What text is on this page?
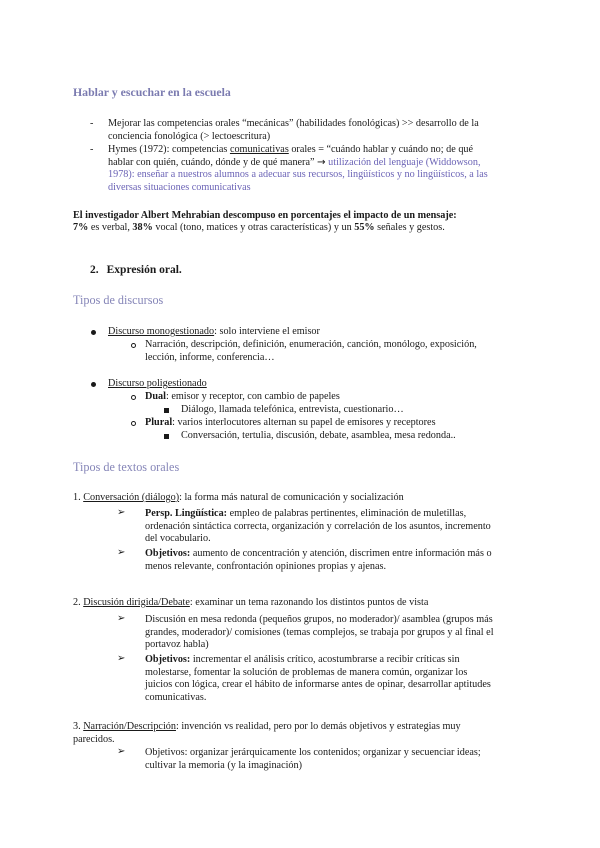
Hablar y escuchar en la escuela
- Mejorar las competencias orales “mecánicas” (habilidades fonológicas) >> desarrollo de la
conciencia fonológica (> lectoescritura)
- Hymes (1972): competencias comunicativas orales = “cuándo hablar y cuándo no; de qué
hablar con quién, cuándo, dónde y de qué manera” → utilización del lenguaje (Widdowson,
1978): enseñar a nuestros alumnos a adecuar sus recursos, lingüísticos y no lingüísticos, a las
diversas situaciones comunicativas
El investigador Albert Mehrabian descompuso en porcentajes el impacto de un mensaje:
7% es verbal, 38% vocal (tono, matices y otras características) y un 55% señales y gestos.
2. Expresión oral.
Tipos de discursos
Discurso monogestionado: solo interviene el emisor
Narración, descripción, definición, enumeración, canción, monólogo, exposición,
lección, informe, conferencia…
Discurso poligestionado
Dual: emisor y receptor, con cambio de papeles
Diálogo, llamada telefónica, entrevista, cuestionario…
Plural: varios interlocutores alternan su papel de emisores y receptores
Conversación, tertulia, discusión, debate, asamblea, mesa redonda..
Tipos de textos orales
1. Conversación (diálogo): la forma más natural de comunicación y socialización
➢ Persp. Lingüística: empleo de palabras pertinentes, eliminación de muletillas,
ordenación sintáctica correcta, organización y correlación de los asuntos, incremento
del vocabulario.
➢ Objetivos: aumento de concentración y atención, discrimen entre información más o
menos relevante, confrontación opiniones propias y ajenas.
2. Discusión dirigida/Debate: examinar un tema razonando los distintos puntos de vista
➢ Discusión en mesa redonda (pequeños grupos, no moderador)/ asamblea (grupos más
grandes, moderador)/ comisiones (temas complejos, se trabaja por grupos y al final el
portavoz habla)
➢ Objetivos: incrementar el análisis crítico, acostumbrarse a recibir críticas sin
molestarse, fomentar la solución de problemas de manera común, organizar los
juicios con lógica, crear el hábito de informarse antes de opinar, desarrollar aptitudes
comunicativas.
3. Narración/Descripción: invención vs realidad, pero por lo demás objetivos y estrategias muy
parecidos.
➢ Objetivos: organizar jerárquicamente los contenidos; organizar y secuenciar ideas;
cultivar la memoria (y la imaginación)
